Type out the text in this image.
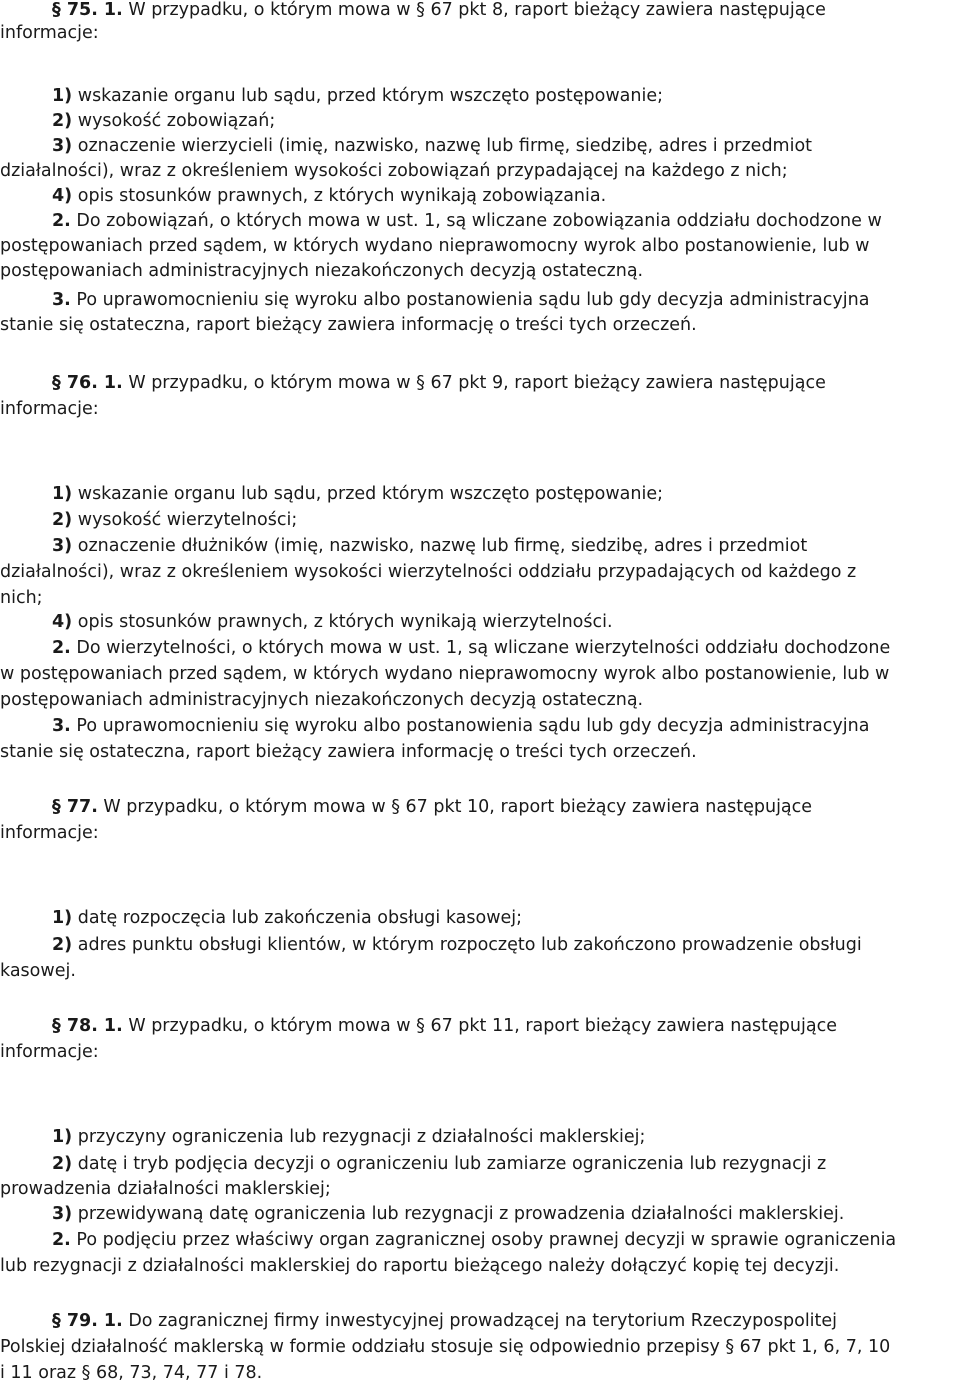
§ 75. 1. W przypadku, o którym mowa w § 67 pkt 8, raport bieżący zawiera następujące
informacje:
1) wskazanie organu lub sądu, przed którym wszczęto postępowanie;
2) wysokość zobowiązań;
3) oznaczenie wierzycieli (imię, nazwisko, nazwę lub firmę, siedzibę, adres i przedmiot
działalności), wraz z określeniem wysokości zobowiązań przypadającej na każdego z nich;
4) opis stosunków prawnych, z których wynikają zobowiązania.
2. Do zobowiązań, o których mowa w ust. 1, są wliczane zobowiązania oddziału dochodzone w
postępowaniach przed sądem, w których wydano nieprawomocny wyrok albo postanowienie, lub w
postępowaniach administracyjnych niezakończonych decyzją ostateczną.
3. Po uprawomocnieniu się wyroku albo postanowienia sądu lub gdy decyzja administracyjna
stanie się ostateczna, raport bieżący zawiera informację o treści tych orzeczeń.
§ 76. 1. W przypadku, o którym mowa w § 67 pkt 9, raport bieżący zawiera następujące
informacje:
1) wskazanie organu lub sądu, przed którym wszczęto postępowanie;
2) wysokość wierzytelności;
3) oznaczenie dłużników (imię, nazwisko, nazwę lub firmę, siedzibę, adres i przedmiot
działalności), wraz z określeniem wysokości wierzytelności oddziału przypadających od każdego z
nich;
4) opis stosunków prawnych, z których wynikają wierzytelności.
2. Do wierzytelności, o których mowa w ust. 1, są wliczane wierzytelności oddziału dochodzone
w postępowaniach przed sądem, w których wydano nieprawomocny wyrok albo postanowienie, lub w
postępowaniach administracyjnych niezakończonych decyzją ostateczną.
3. Po uprawomocnieniu się wyroku albo postanowienia sądu lub gdy decyzja administracyjna
stanie się ostateczna, raport bieżący zawiera informację o treści tych orzeczeń.
§ 77. W przypadku, o którym mowa w § 67 pkt 10, raport bieżący zawiera następujące
informacje:
1) datę rozpoczęcia lub zakończenia obsługi kasowej;
2) adres punktu obsługi klientów, w którym rozpoczęto lub zakończono prowadzenie obsługi
kasowej.
§ 78. 1. W przypadku, o którym mowa w § 67 pkt 11, raport bieżący zawiera następujące
informacje:
1) przyczyny ograniczenia lub rezygnacji z działalności maklerskiej;
2) datę i tryb podjęcia decyzji o ograniczeniu lub zamiarze ograniczenia lub rezygnacji z
prowadzenia działalności maklerskiej;
3) przewidywaną datę ograniczenia lub rezygnacji z prowadzenia działalności maklerskiej.
2. Po podjęciu przez właściwy organ zagranicznej osoby prawnej decyzji w sprawie ograniczenia
lub rezygnacji z działalności maklerskiej do raportu bieżącego należy dołączyć kopię tej decyzji.
§ 79. 1. Do zagranicznej firmy inwestycyjnej prowadzącej na terytorium Rzeczypospolitej
Polskiej działalność maklerską w formie oddziału stosuje się odpowiednio przepisy § 67 pkt 1, 6, 7, 10
i 11 oraz § 68, 73, 74, 77 i 78.
